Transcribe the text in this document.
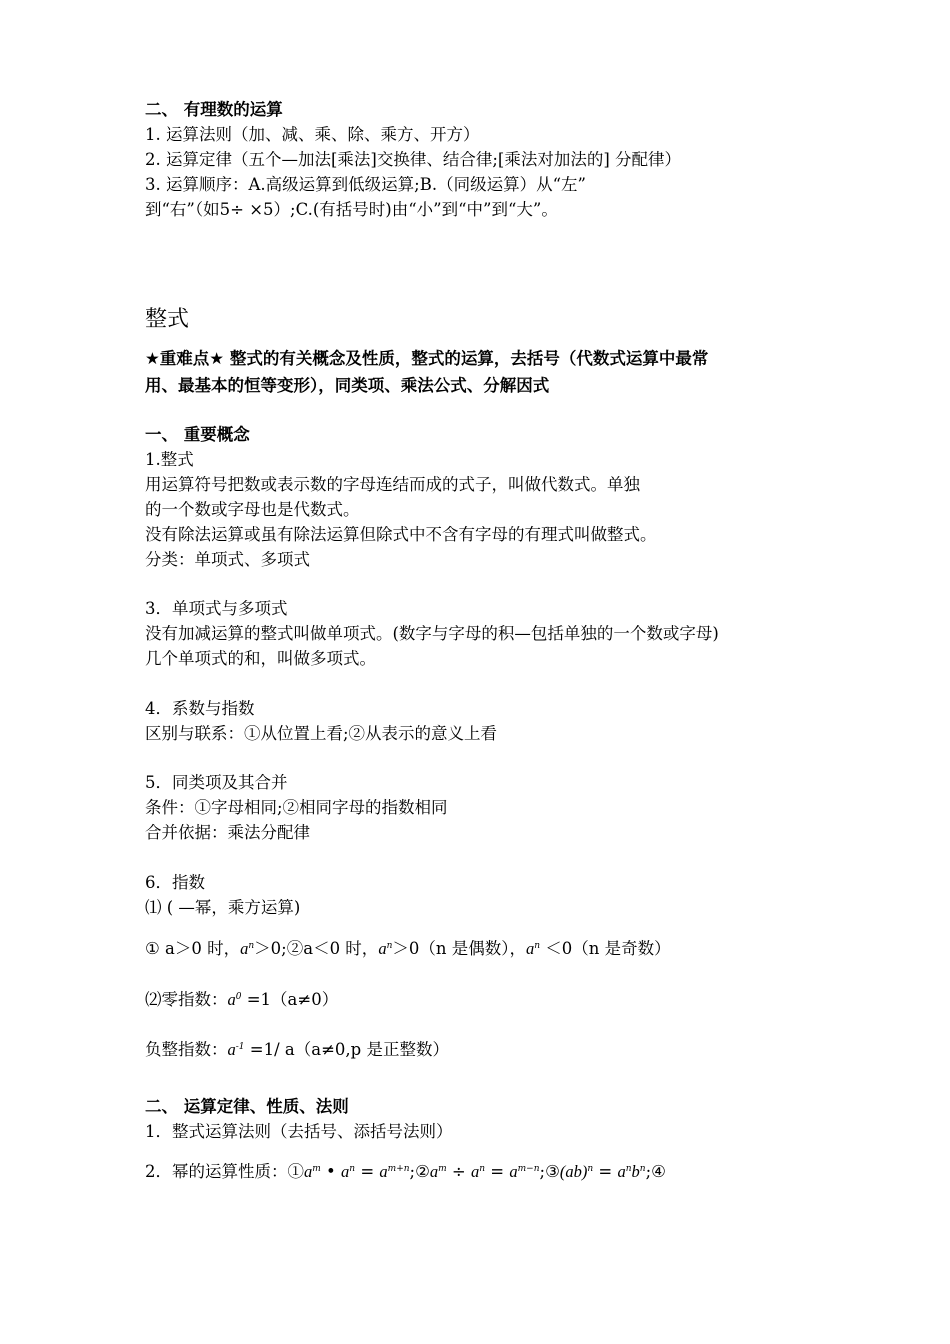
二、 有理数的运算
1. 运算法则（加、减、乘、除、乘方、开方）
2. 运算定律（五个—加法[乘法]交换律、结合律;[乘法对加法的] 分配律）
3. 运算顺序：A.高级运算到低级运算;B.（同级运算）从“左”
到“右”（如5÷ ×5）;C.(有括号时)由“小”到“中”到“大”。
整式
★重难点★ 整式的有关概念及性质，整式的运算，去括号（代数式运算中最常
用、最基本的恒等变形），同类项、乘法公式、分解因式
一、 重要概念
1.整式
用运算符号把数或表示数的字母连结而成的式子，叫做代数式。单独
的一个数或字母也是代数式。
没有除法运算或虽有除法运算但除式中不含有字母的有理式叫做整式。
分类：单项式、多项式
3．单项式与多项式
没有加减运算的整式叫做单项式。(数字与字母的积—包括单独的一个数或字母)
几个单项式的和，叫做多项式。
4．系数与指数
区别与联系：①从位置上看;②从表示的意义上看
5．同类项及其合并
条件：①字母相同;②相同字母的指数相同
合并依据：乘法分配律
6．指数
⑴ ( —幂，乘方运算)
① a＞0 时，$a^n>0;②a<0$ 时，$a^n>0(n$ 是偶数），$a^n <0(n$ 是奇数）
⑵零指数：$a^0 =1(a\ne 0)$
负整指数：$a^{-1} =1/$ a（a≠0,p 是正整数）
二、 运算定律、性质、法则
1．整式运算法则（去括号、添括号法则）
2．幂的运算性质：$①a^m$ • $a^n$ = $a^{m+n};②a^m \div a^n$ = $a^{m-n};③(ab)^n$ = $a^nb^n;④$
